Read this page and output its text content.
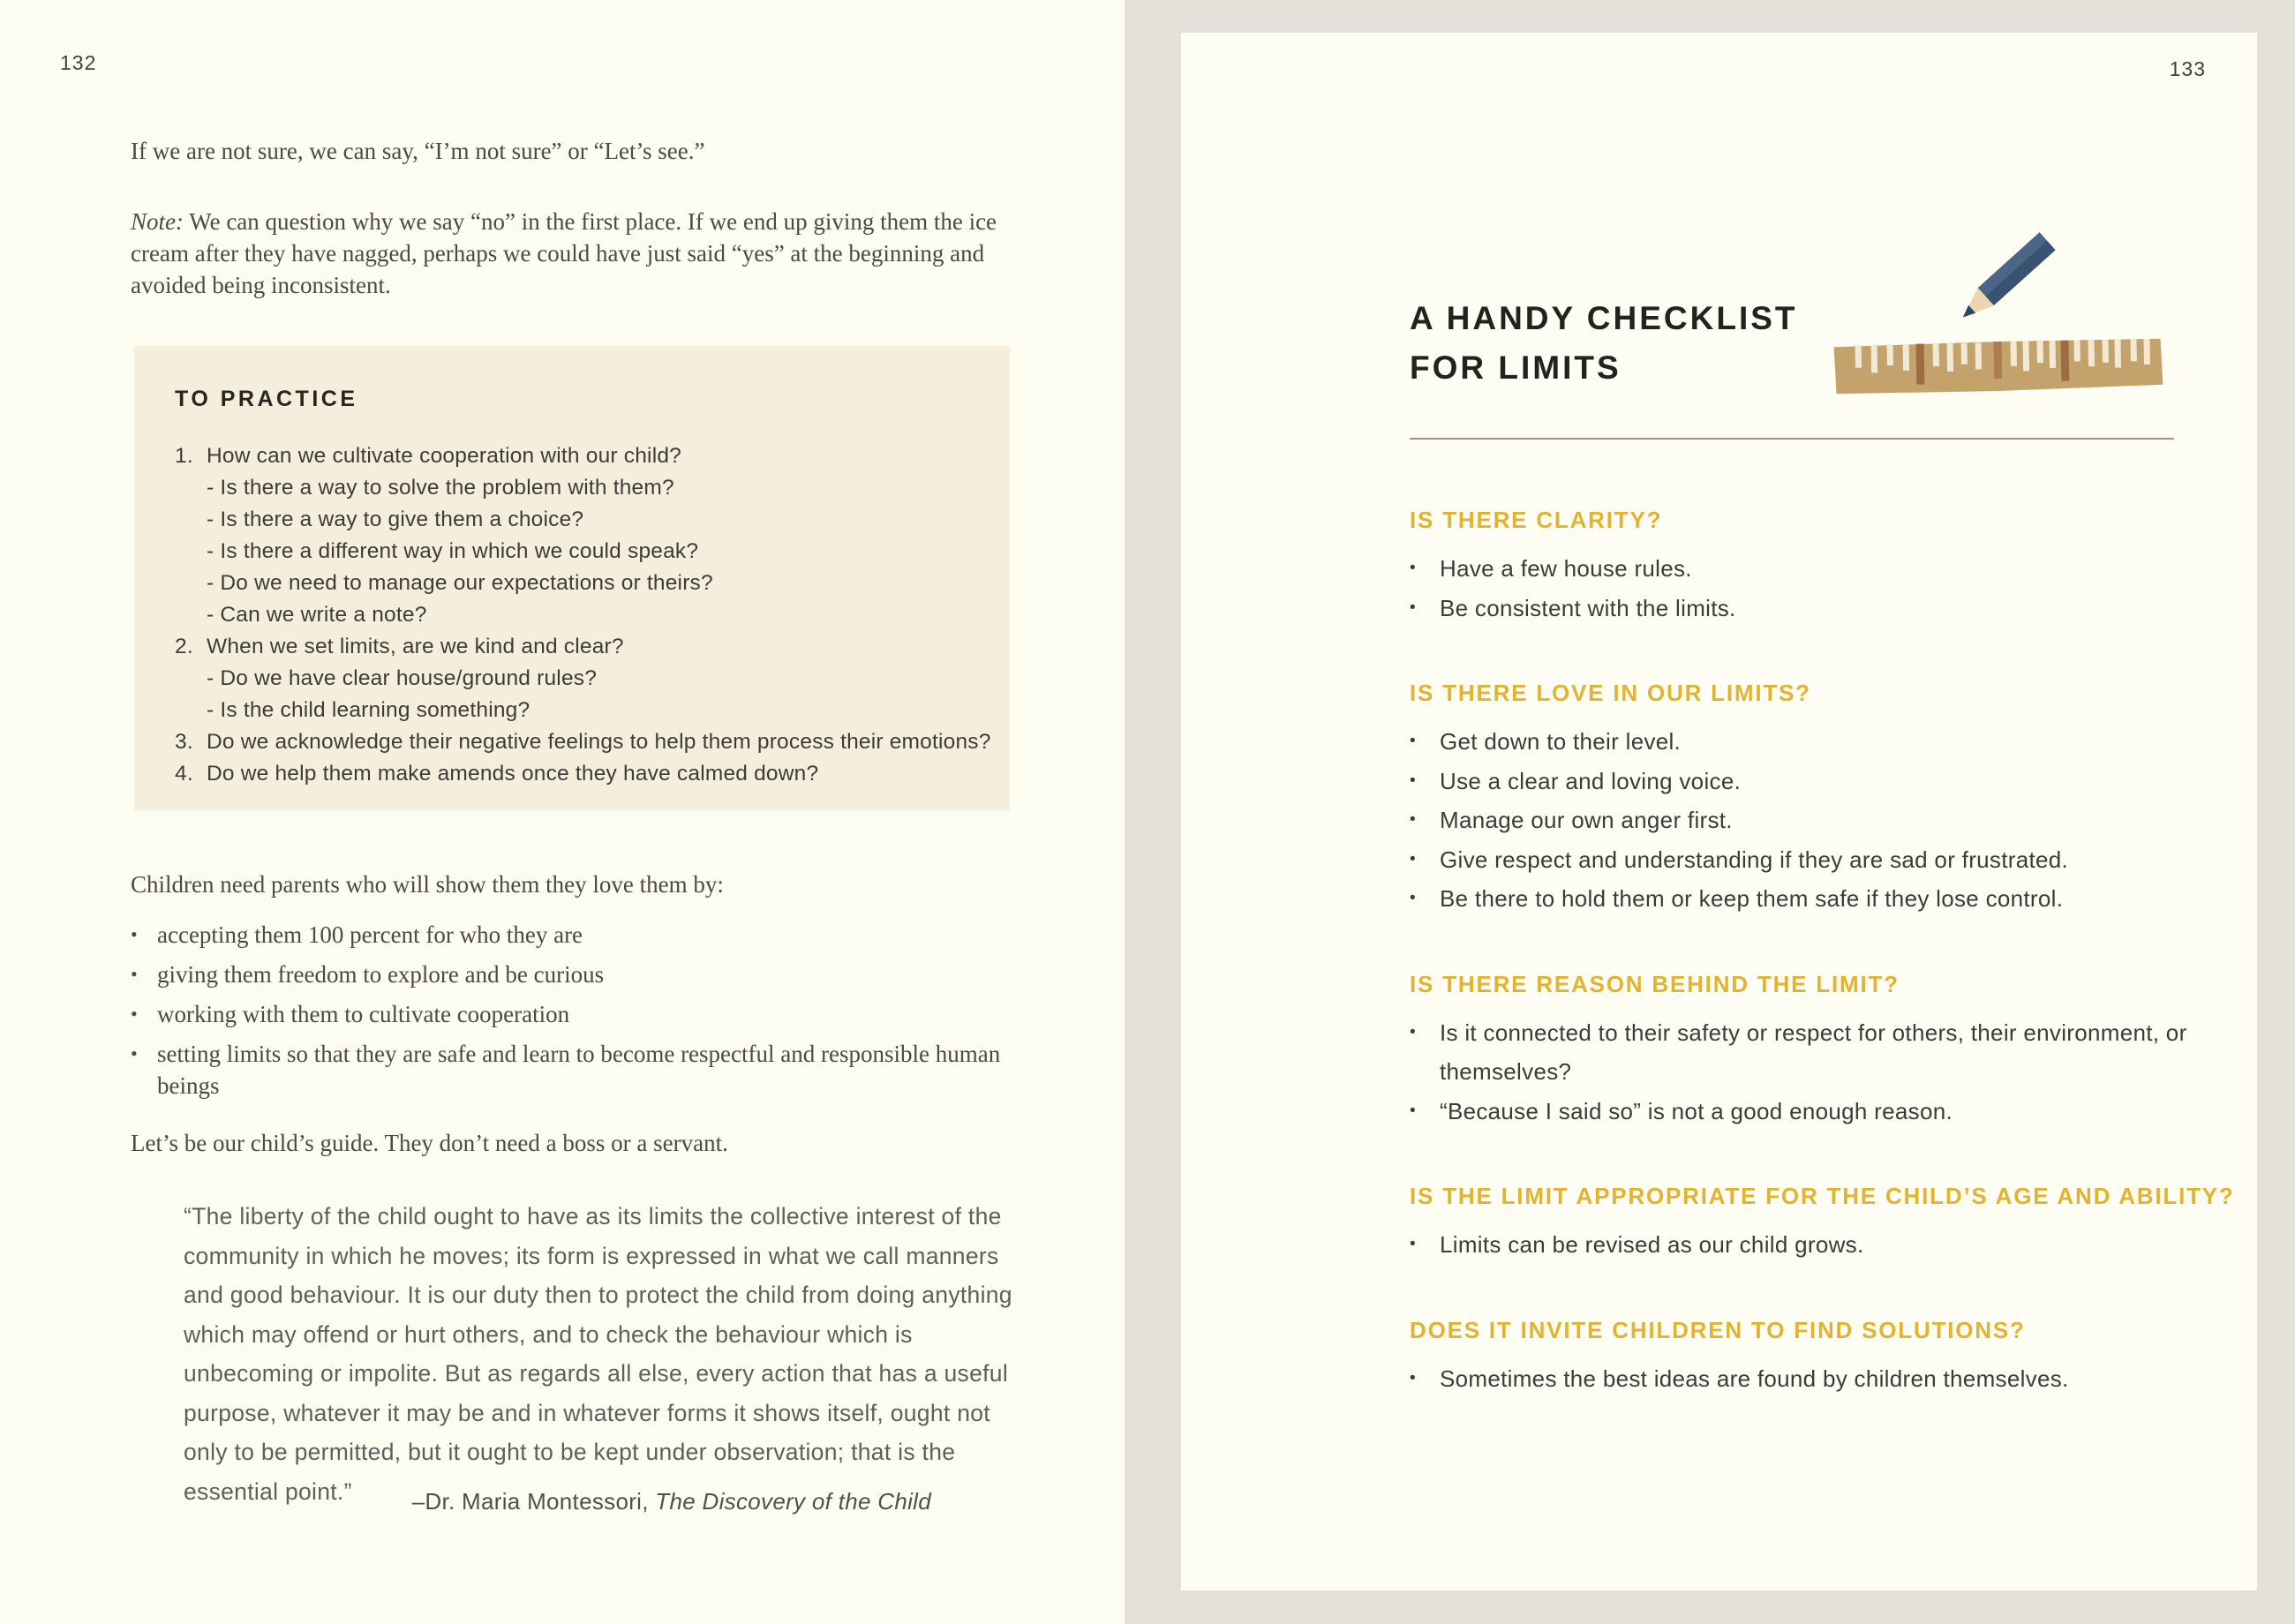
132

If we are not sure, we can say, “I’m not sure” or “Let’s see.”

Note: We can question why we say “no” in the first place. If we end up giving them the ice cream after they have nagged, perhaps we could have just said “yes” at the beginning and avoided being inconsistent.

TO PRACTICE
1. How can we cultivate cooperation with our child?
- Is there a way to solve the problem with them?
- Is there a way to give them a choice?
- Is there a different way in which we could speak?
- Do we need to manage our expectations or theirs?
- Can we write a note?
2. When we set limits, are we kind and clear?
- Do we have clear house/ground rules?
- Is the child learning something?
3. Do we acknowledge their negative feelings to help them process their emotions?
4. Do we help them make amends once they have calmed down?

Children need parents who will show them they love them by:

• accepting them 100 percent for who they are
• giving them freedom to explore and be curious
• working with them to cultivate cooperation
• setting limits so that they are safe and learn to become respectful and responsible human beings

Let’s be our child’s guide. They don’t need a boss or a servant.

“The liberty of the child ought to have as its limits the collective interest of the community in which he moves; its form is expressed in what we call manners and good behaviour. It is our duty then to protect the child from doing anything which may offend or hurt others, and to check the behaviour which is unbecoming or impolite. But as regards all else, every action that has a useful purpose, whatever it may be and in whatever forms it shows itself, ought not only to be permitted, but it ought to be kept under observation; that is the essential point.”	–Dr. Maria Montessori, The Discovery of the Child

133
A HANDY CHECKLIST
FOR LIMITS
IS THERE CLARITY?
•	Have a few house rules.
•	Be consistent with the limits.
IS THERE LOVE IN OUR LIMITS?
•	Get down to their level.
•	Use a clear and loving voice.
•	Manage our own anger first.
•	Give respect and understanding if they are sad or frustrated.
•	Be there to hold them or keep them safe if they lose control.
IS THERE REASON BEHIND THE LIMIT?
•	Is it connected to their safety or respect for others, their environment, or themselves?
•	“Because I said so” is not a good enough reason.
IS THE LIMIT APPROPRIATE FOR THE CHILD’S AGE AND ABILITY?
•	Limits can be revised as our child grows.
DOES IT INVITE CHILDREN TO FIND SOLUTIONS?
•	Sometimes the best ideas are found by children themselves.
